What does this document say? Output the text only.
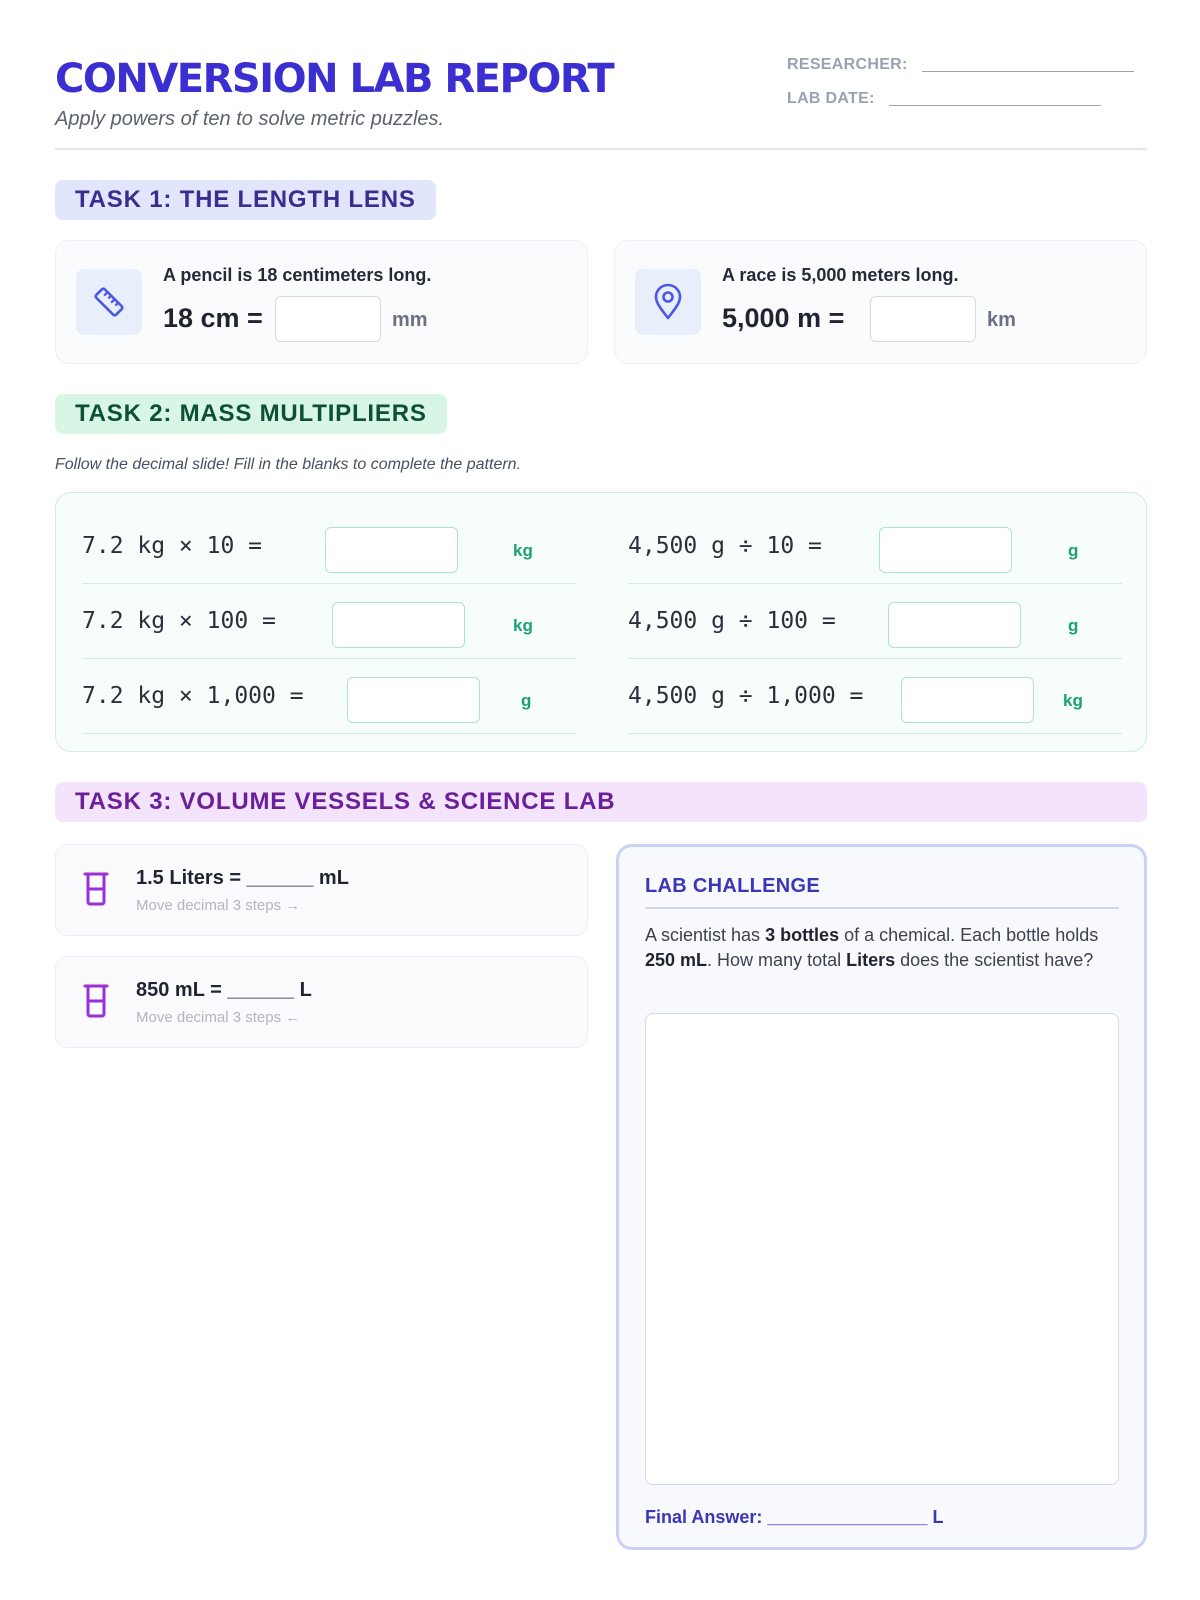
CONVERSION LAB REPORT
Apply powers of ten to solve metric puzzles.
RESEARCHER:
LAB DATE:
TASK 1: THE LENGTH LENS
A pencil is 18 centimeters long.
18 cm =	mm
A race is 5,000 meters long.
5,000 m =	km
TASK 2: MASS MULTIPLIERS
Follow the decimal slide! Fill in the blanks to complete the pattern.
7.2 kg × 10 =	kg
7.2 kg × 100 =	kg
7.2 kg × 1,000 =	g
4,500 g ÷ 10 =	g
4,500 g ÷ 100 =	g
4,500 g ÷ 1,000 =	kg
TASK 3: VOLUME VESSELS & SCIENCE LAB
1.5 Liters = ______ mL
Move decimal 3 steps →
850 mL = ______ L
Move decimal 3 steps ←
LAB CHALLENGE
A scientist has 3 bottles of a chemical. Each bottle holds 250 mL. How many total Liters does the scientist have?
Final Answer: ________________ L
